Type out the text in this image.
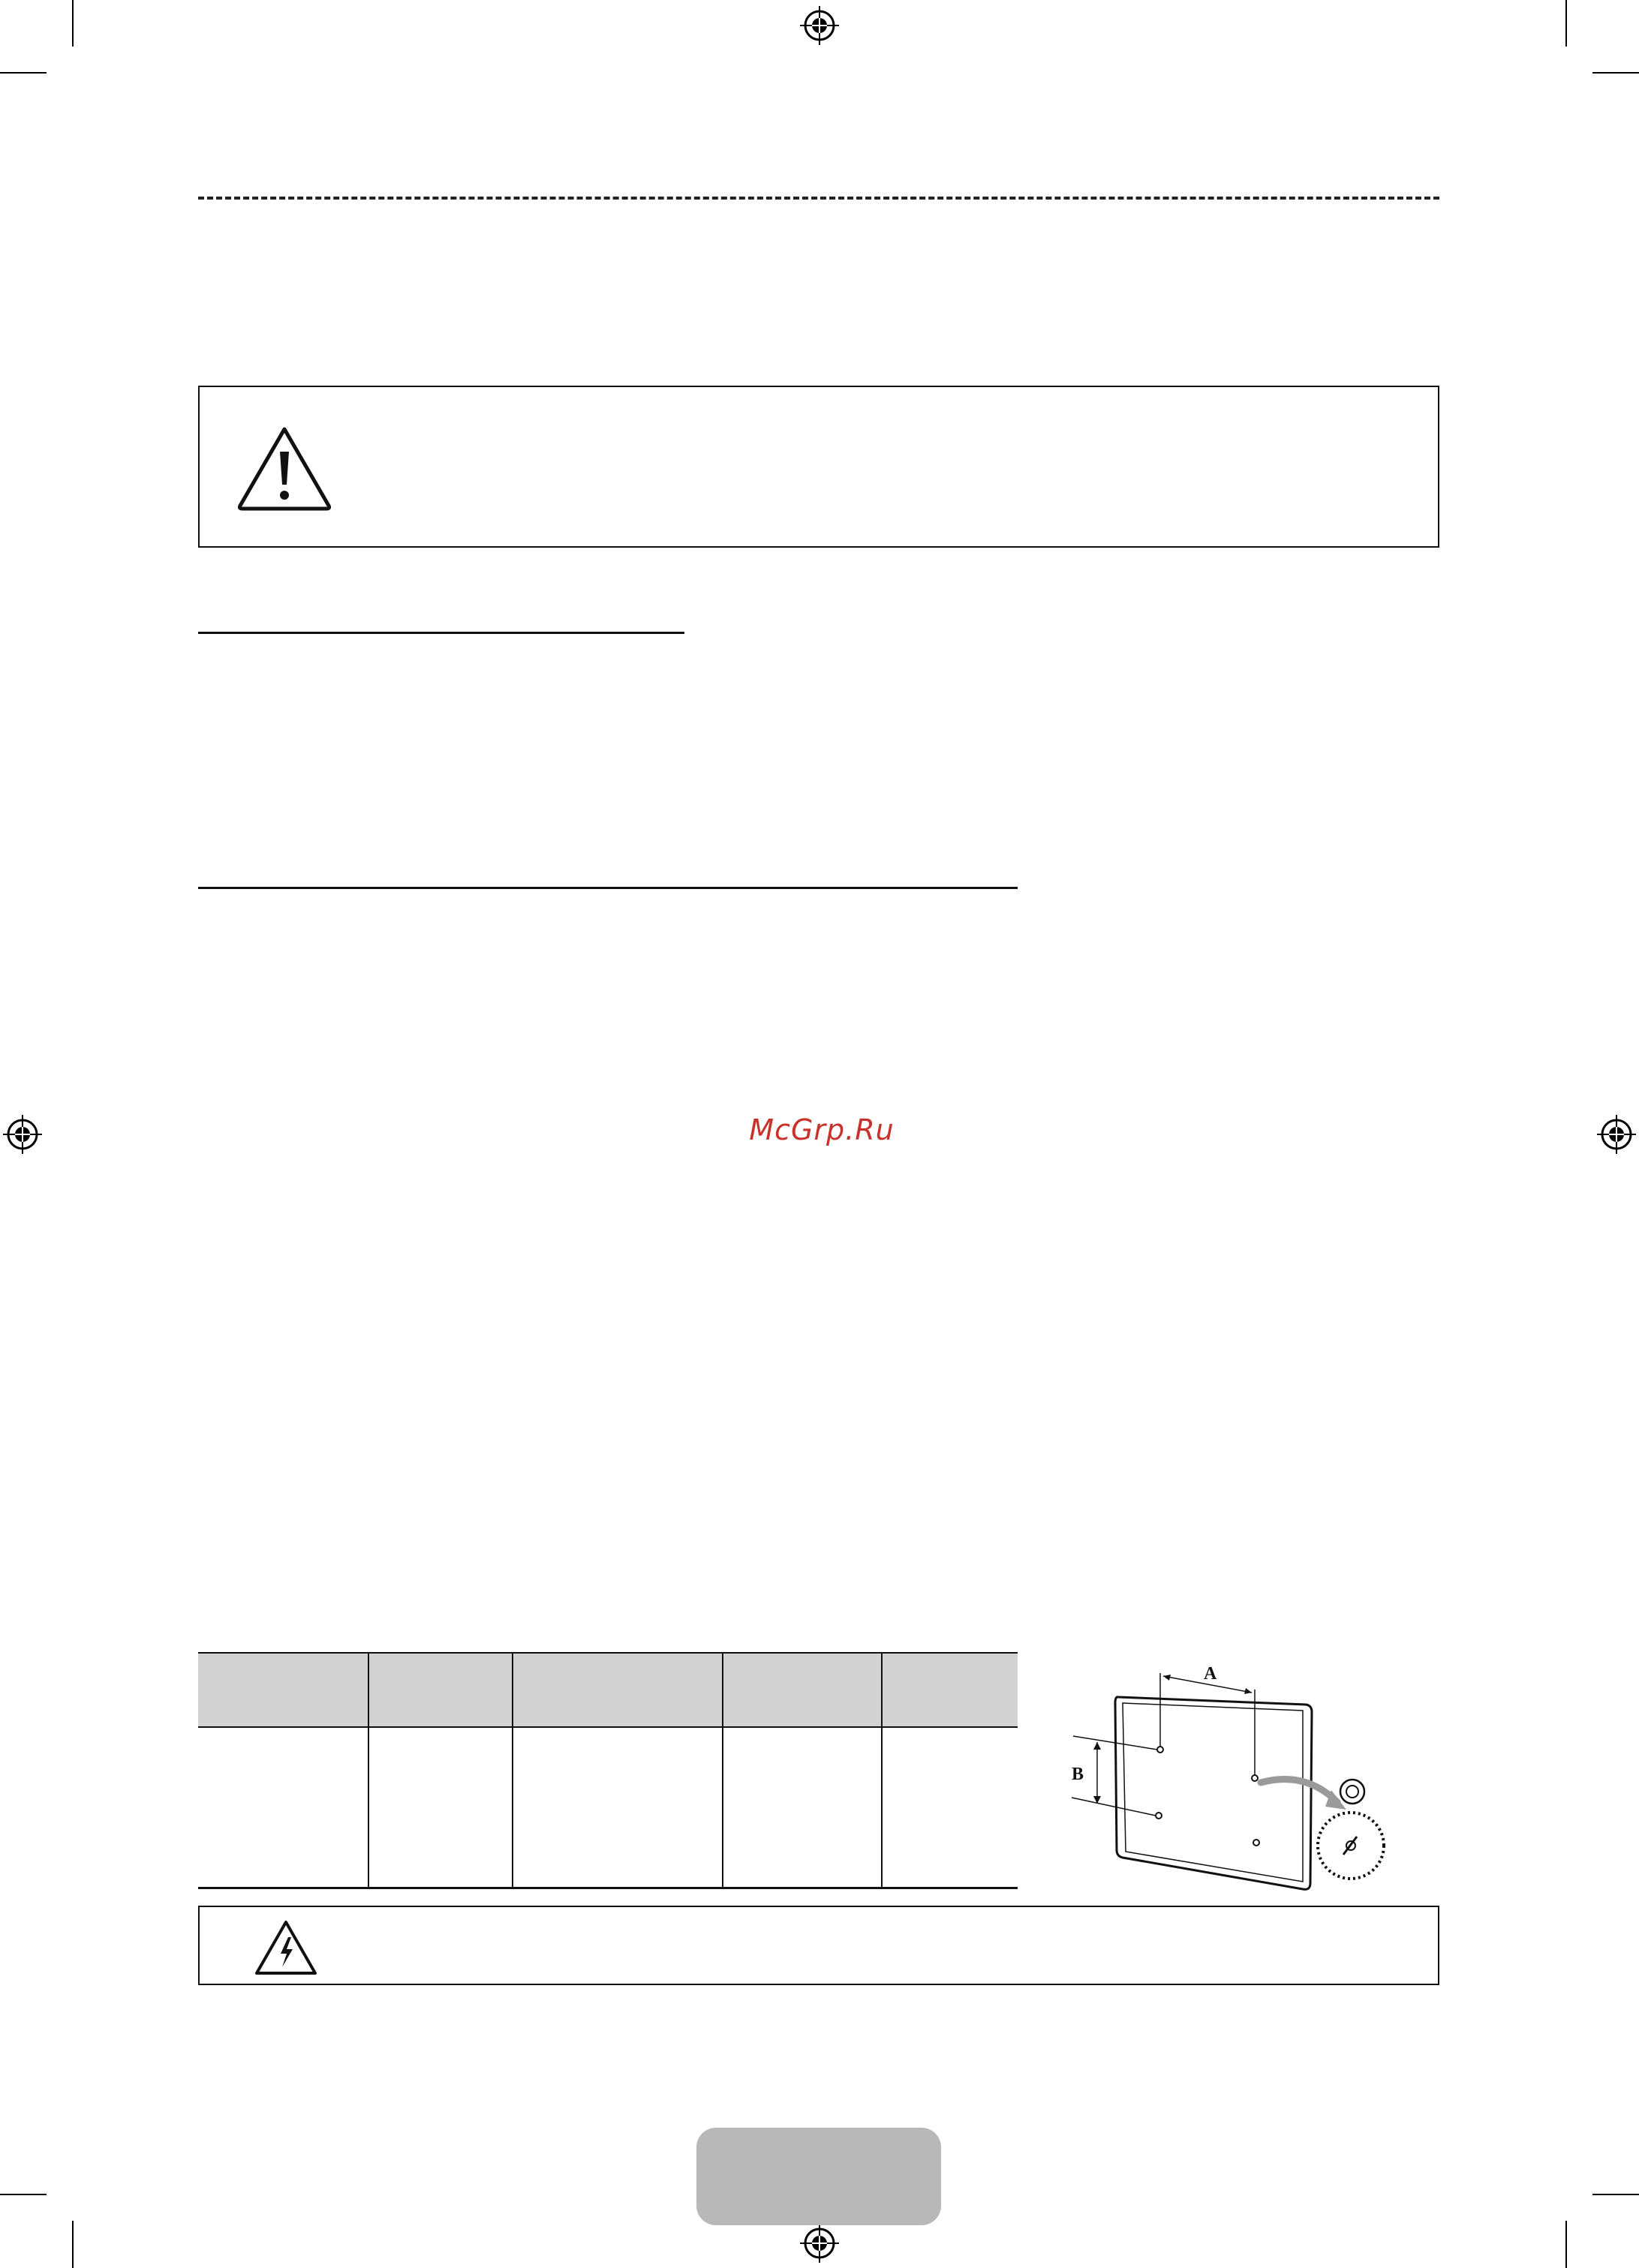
McGrp.Ru

A
B
